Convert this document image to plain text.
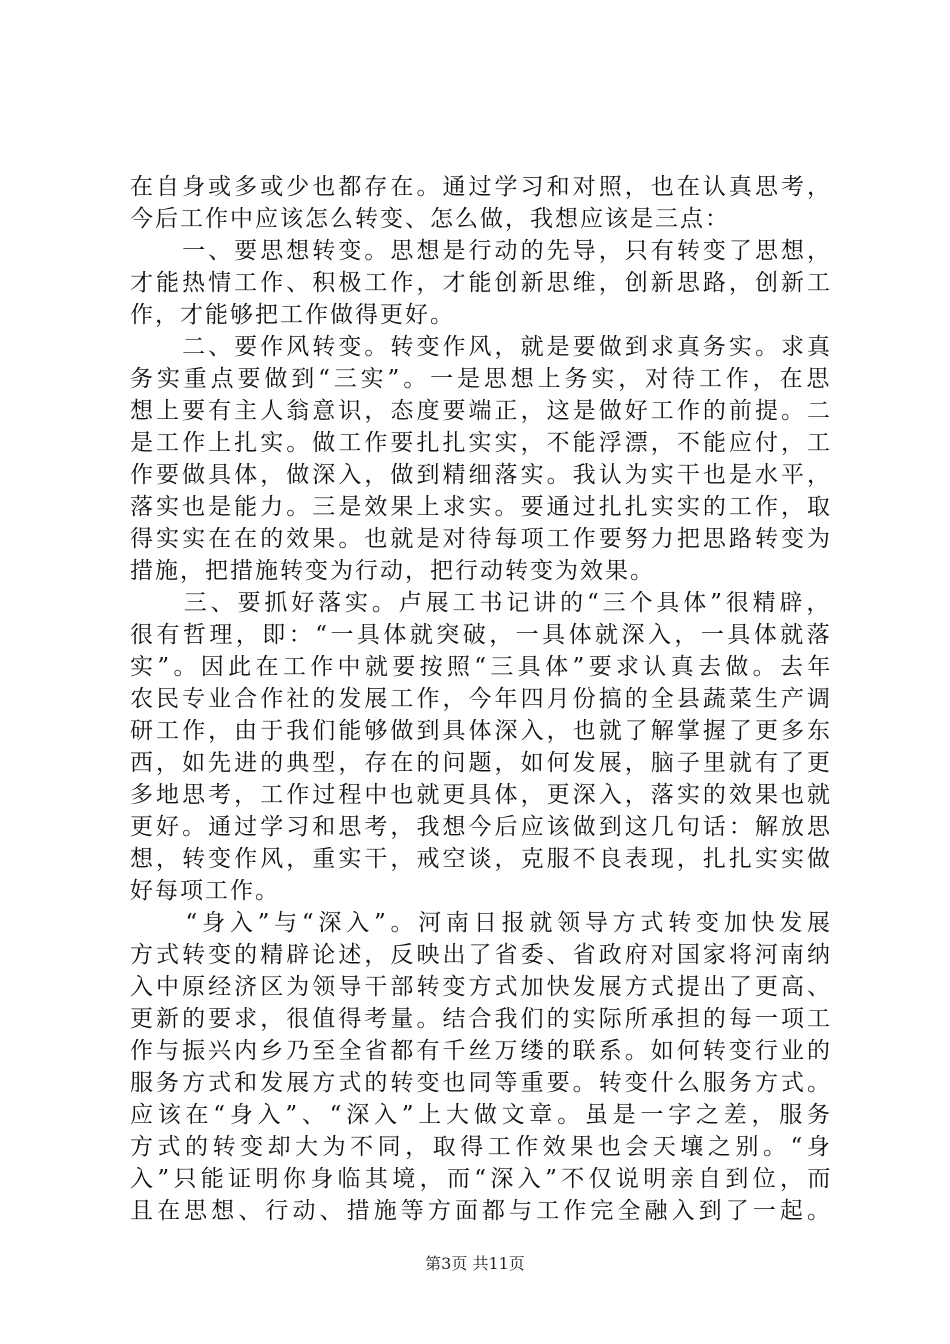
在自身或多或少也都存在。通过学习和对照，也在认真思考，

今后工作中应该怎么转变、怎么做，我想应该是三点：

　　一、要思想转变。思想是行动的先导，只有转变了思想，

才能热情工作、积极工作，才能创新思维，创新思路，创新工

作，才能够把工作做得更好。

　　二、要作风转变。转变作风，就是要做到求真务实。求真

务实重点要做到“三实”。一是思想上务实，对待工作，在思

想上要有主人翁意识，态度要端正，这是做好工作的前提。二

是工作上扎实。做工作要扎扎实实，不能浮漂，不能应付，工

作要做具体，做深入，做到精细落实。我认为实干也是水平，

落实也是能力。三是效果上求实。要通过扎扎实实的工作，取

得实实在在的效果。也就是对待每项工作要努力把思路转变为

措施，把措施转变为行动，把行动转变为效果。

　　三、要抓好落实。卢展工书记讲的“三个具体”很精辟，

很有哲理，即：“一具体就突破，一具体就深入，一具体就落

实”。因此在工作中就要按照“三具体”要求认真去做。去年

农民专业合作社的发展工作，今年四月份搞的全县蔬菜生产调

研工作，由于我们能够做到具体深入，也就了解掌握了更多东

西，如先进的典型，存在的问题，如何发展，脑子里就有了更

多地思考，工作过程中也就更具体，更深入，落实的效果也就

更好。通过学习和思考，我想今后应该做到这几句话：解放思

想，转变作风，重实干，戒空谈，克服不良表现，扎扎实实做

好每项工作。

　　“身入”与“深入”。河南日报就领导方式转变加快发展

方式转变的精辟论述，反映出了省委、省政府对国家将河南纳

入中原经济区为领导干部转变方式加快发展方式提出了更高、

更新的要求，很值得考量。结合我们的实际所承担的每一项工

作与振兴内乡乃至全省都有千丝万缕的联系。如何转变行业的

服务方式和发展方式的转变也同等重要。转变什么服务方式。

应该在“身入”、“深入”上大做文章。虽是一字之差，服务

方式的转变却大为不同，取得工作效果也会天壤之别。“身

入”只能证明你身临其境，而“深入”不仅说明亲自到位，而

且在思想、行动、措施等方面都与工作完全融入到了一起。

第3页 共11页
